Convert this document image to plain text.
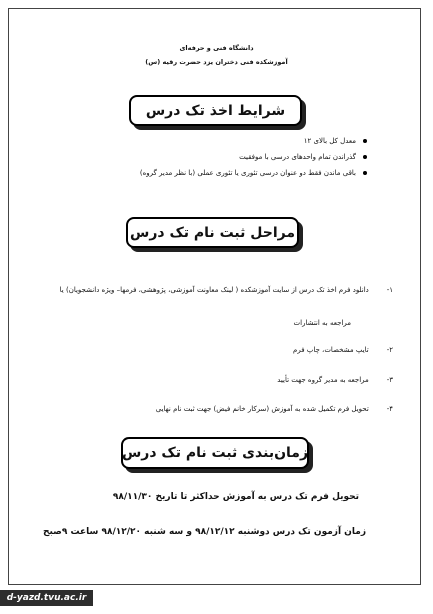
دانشگاه فنی و حرفه‌ای
آموزشکده فنی دختران یزد حضرت رقیه (س)
شرایط اخذ تک درس
معدل کل بالای ۱۲
گذراندن تمام واحدهای درسی با موفقیت
باقی ماندن فقط دو عنوان درسی تئوری یا تئوری عملی (با نظر مدیر گروه)
مراحل ثبت نام تک درس
۱- دانلود فرم اخذ تک درس از سایت آموزشکده ( لینک معاونت آموزشی، پژوهشی، فرمها– ویژه دانشجویان) یا
مراجعه به انتشارات
۲- تایپ مشخصات، چاپ فرم
۳- مراجعه به مدیر گروه جهت تأیید
۴- تحویل فرم تکمیل شده به آموزش (سرکار خانم فیض) جهت ثبت نام نهایی
زمان‌بندی ثبت نام تک درس
تحویل فرم تک درس به آموزش حداکثر تا تاریخ ۹۸/۱۱/۳۰
زمان آزمون تک درس دوشنبه ۹۸/۱۲/۱۲ و سه شنبه ۹۸/۱۲/۲۰ ساعت ۹صبح
d-yazd.tvu.ac.ir
